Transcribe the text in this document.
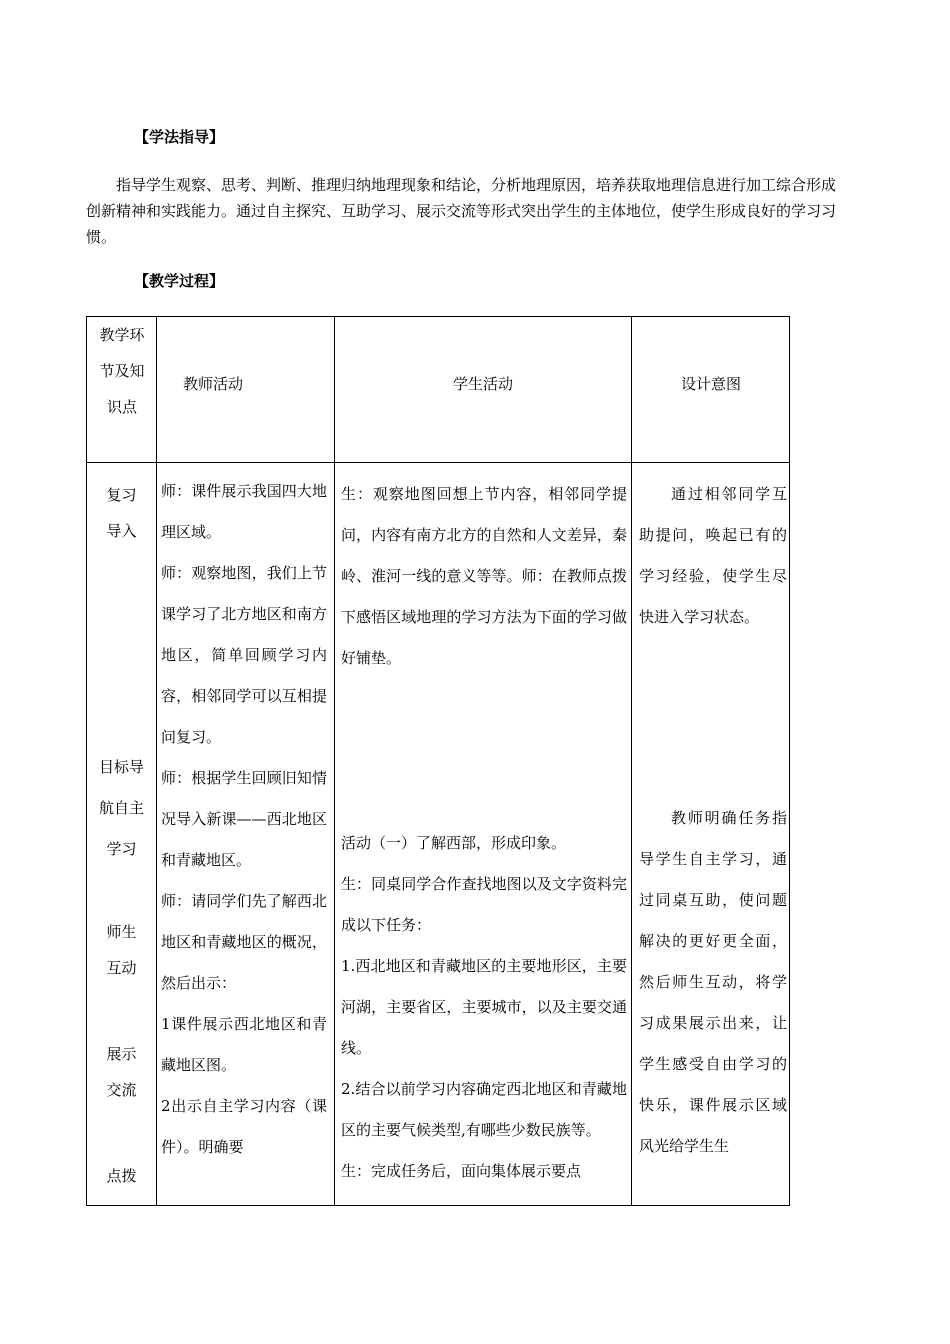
【学法指导】

指导学生观察、思考、判断、推理归纳地理现象和结论，分析地理原因，培养获取地理信息进行加工综合形成创新精神和实践能力。通过自主探究、互助学习、展示交流等形式突出学生的主体地位，使学生形成良好的学习习惯。

【教学过程】
教学环节及知识点
教师活动	学生活动	设计意图
复习导入
目标导航自主学习
师生互动
展示交流
点拨

师：课件展示我国四大地理区域。

师：观察地图，我们上节课学习了北方地区和南方地区，简单回顾学习内容，相邻同学可以互相提问复习。

师：根据学生回顾旧知情况导入新课——西北地区和青藏地区。

师：请同学们先了解西北地区和青藏地区的概况，然后出示：

1课件展示西北地区和青藏地区图。

2出示自主学习内容（课件）。明确要

生：观察地图回想上节内容，相邻同学提问，内容有南方北方的自然和人文差异，秦岭、淮河一线的意义等等。师：在教师点拨下感悟区域地理的学习方法为下面的学习做好铺垫。

活动（一）了解西部，形成印象。

生：同桌同学合作查找地图以及文字资料完成以下任务：

1.西北地区和青藏地区的主要地形区，主要河湖，主要省区，主要城市，以及主要交通线。

2.结合以前学习内容确定西北地区和青藏地区的主要气候类型,有哪些少数民族等。

生：完成任务后，面向集体展示要点

通过相邻同学互助提问，唤起已有的学习经验，使学生尽快进入学习状态。

教师明确任务指导学生自主学习，通过同桌互助，使问题解决的更好更全面，然后师生互动，将学习成果展示出来，让学生感受自由学习的快乐，课件展示区域风光给学生生
